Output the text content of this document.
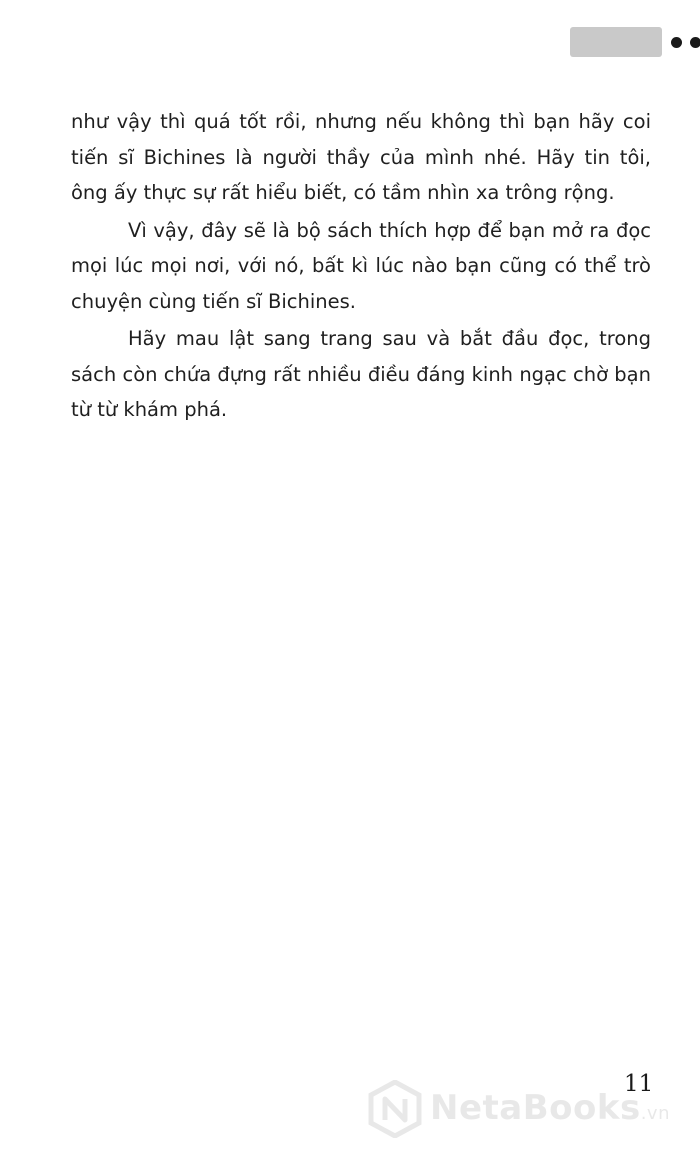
như vậy thì quá tốt rồi, nhưng nếu không thì bạn hãy coi tiến sĩ Bichines là người thầy của mình nhé. Hãy tin tôi, ông ấy thực sự rất hiểu biết, có tầm nhìn xa trông rộng.

Vì vậy, đây sẽ là bộ sách thích hợp để bạn mở ra đọc mọi lúc mọi nơi, với nó, bất kì lúc nào bạn cũng có thể trò chuyện cùng tiến sĩ Bichines.

Hãy mau lật sang trang sau và bắt đầu đọc, trong sách còn chứa đựng rất nhiều điều đáng kinh ngạc chờ bạn từ từ khám phá.

11
NetaBooks.vn
